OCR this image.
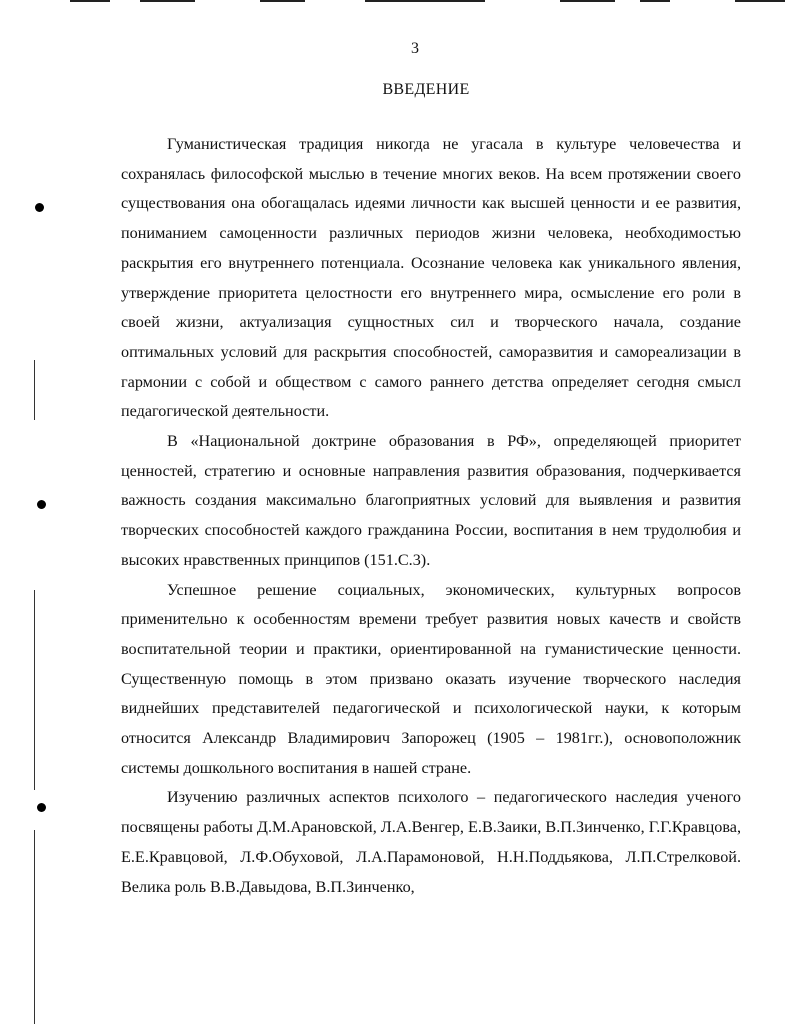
3
ВВЕДЕНИЕ

Гуманистическая традиция никогда не угасала в культуре человечества и сохранялась философской мыслью в течение многих веков. На всем протяжении своего существования она обогащалась идеями личности как высшей ценности и ее развития, пониманием самоценности различных периодов жизни человека, необходимостью раскрытия его внутреннего потенциала. Осознание человека как уникального явления, утверждение приоритета целостности его внутреннего мира, осмысление его роли в своей жизни, актуализация сущностных сил и творческого начала, создание оптимальных условий для раскрытия способностей, саморазвития и самореализации в гармонии с собой и обществом с самого раннего детства определяет сегодня смысл педагогической деятельности.

В «Национальной доктрине образования в РФ», определяющей приоритет ценностей, стратегию и основные направления развития образования, подчеркивается важность создания максимально благоприятных условий для выявления и развития творческих способностей каждого гражданина России, воспитания в нем трудолюбия и высоких нравственных принципов (151.С.3).

Успешное решение социальных, экономических, культурных вопросов применительно к особенностям времени требует развития новых качеств и свойств воспитательной теории и практики, ориентированной на гуманистические ценности. Существенную помощь в этом призвано оказать изучение творческого наследия виднейших представителей педагогической и психологической науки, к которым относится Александр Владимирович Запорожец (1905 – 1981гг.), основоположник системы дошкольного воспитания в нашей стране.

Изучению различных аспектов психолого – педагогического наследия ученого посвящены работы Д.М.Арановской, Л.А.Венгер, Е.В.Заики, В.П.Зинченко, Г.Г.Кравцова, Е.Е.Кравцовой, Л.Ф.Обуховой, Л.А.Парамоновой, Н.Н.Поддьякова, Л.П.Стрелковой. Велика роль В.В.Давыдова, В.П.Зинченко,
